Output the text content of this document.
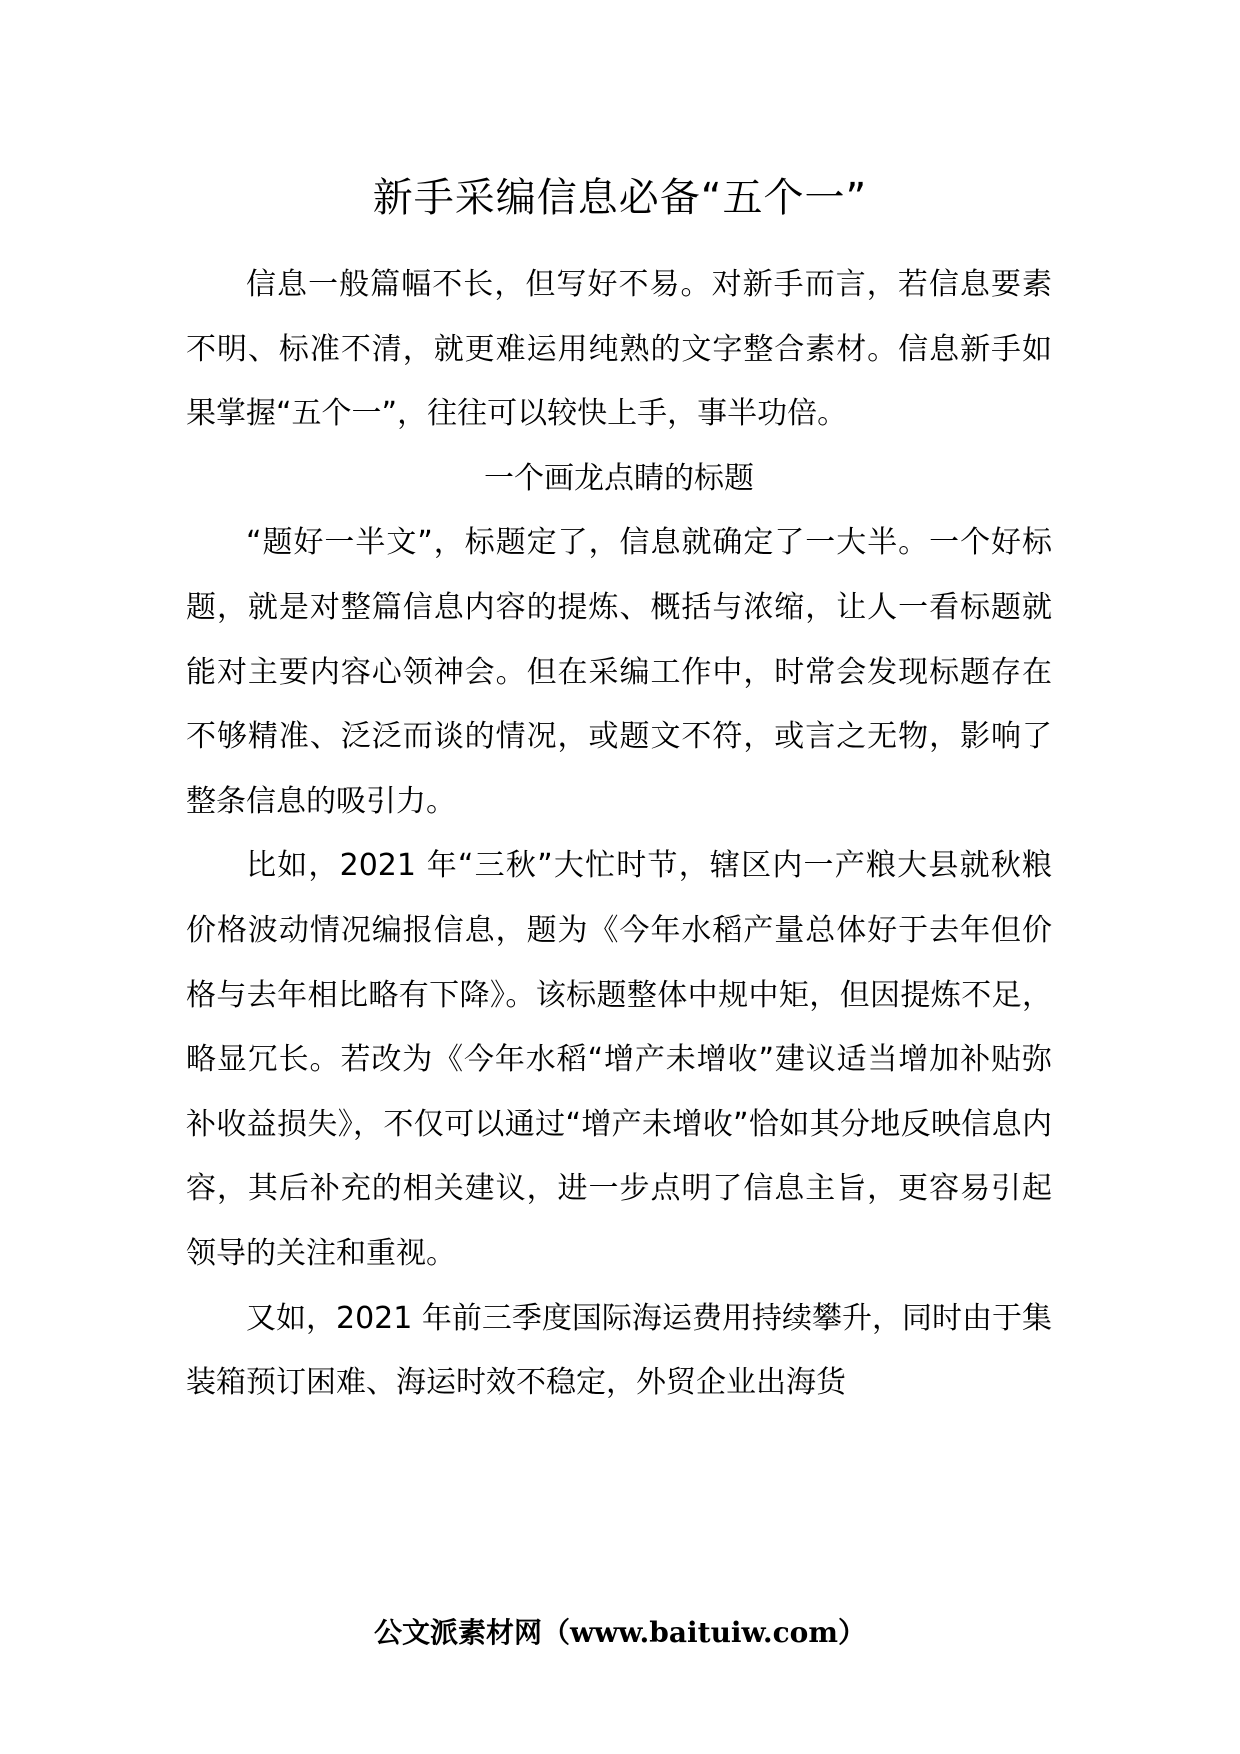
新手采编信息必备“五个一”

信息一般篇幅不长，但写好不易。对新手而言，若信息要素不明、标准不清，就更难运用纯熟的文字整合素材。信息新手如果掌握“五个一”，往往可以较快上手，事半功倍。

一个画龙点睛的标题

“题好一半文”，标题定了，信息就确定了一大半。一个好标题，就是对整篇信息内容的提炼、概括与浓缩，让人一看标题就能对主要内容心领神会。但在采编工作中，时常会发现标题存在不够精准、泛泛而谈的情况，或题文不符，或言之无物，影响了整条信息的吸引力。

比如，2021 年“三秋”大忙时节，辖区内一产粮大县就秋粮价格波动情况编报信息，题为《今年水稻产量总体好于去年但价格与去年相比略有下降》。该标题整体中规中矩，但因提炼不足，略显冗长。若改为《今年水稻“增产未增收”建议适当增加补贴弥补收益损失》，不仅可以通过“增产未增收”恰如其分地反映信息内容，其后补充的相关建议，进一步点明了信息主旨，更容易引起领导的关注和重视。

又如，2021 年前三季度国际海运费用持续攀升，同时由于集装箱预订困难、海运时效不稳定，外贸企业出海货

公文派素材网（www.baituiw.com）
